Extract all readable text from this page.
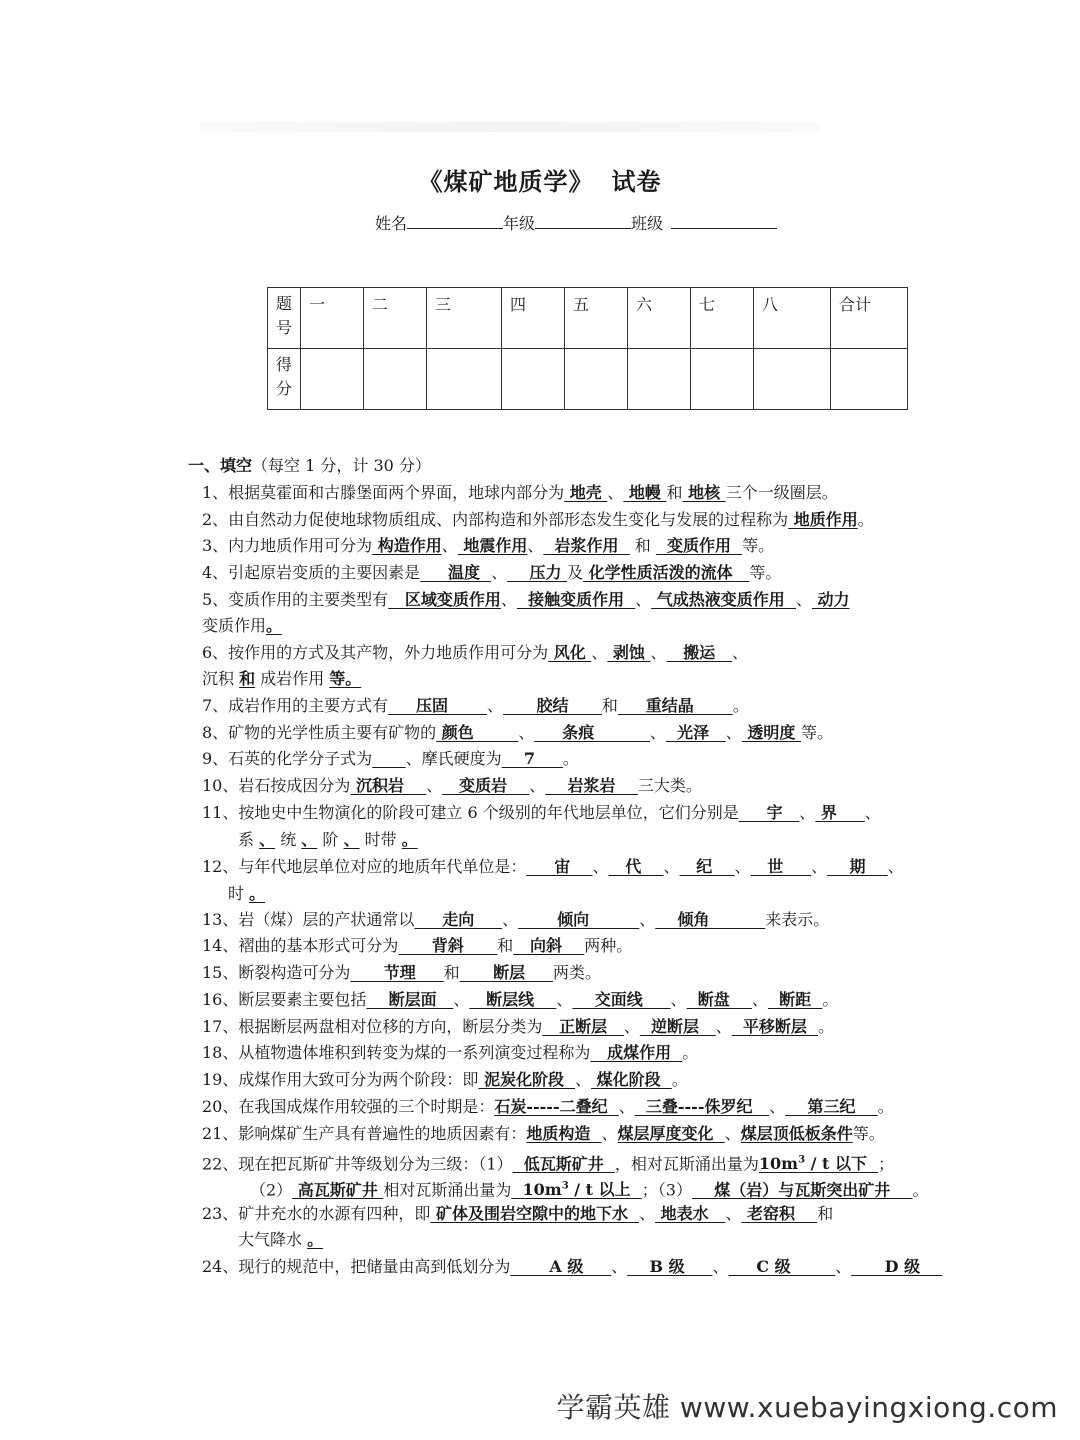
《煤矿地质学》 试卷
姓名	年级	班级
题号	一	二	三	四	五	六	七	八	合计
得分									
一、填空（每空 1 分，计 30 分）
1、根据莫霍面和古滕堡面两个界面，地球内部分为 地壳 、 地幔 和 地核 三个一级圈层。
2、由自然动力促使地球物质组成、内部构造和外部形态发生变化与发展的过程称为 地质作用。
3、内力地质作用可分为 构造作用、 地震作用、  岩浆作用   和   变质作用  等。
4、引起原岩变质的主要因素是     温度  、    压力 及 化学性质活泼的流体   等。
5、变质作用的主要类型有   区域变质作用、  接触变质作用  、 气成热液变质作用  、 动力
变质作用。
6、按作用的方式及其产物，外力地质作用可分为 风化 、 剥蚀 、   搬运   、
沉积 和 成岩作用 等。
7、成岩作用的主要方式有     压固       、      胶结      和     重结晶       。
8、矿物的光学性质主要有矿物的 颜色        、     条痕          、  光泽   、 透明度 等。
9、石英的化学分子式为 、摩氏硬度为    7     。
10、岩石按成因分为 沉积岩    、   变质岩    、    岩浆岩    三大类。
11、按地史中生物演化的阶段可建立 6 个级别的年代地层单位，它们分别是     宇   、 界     、
系 、 统 、 阶 、 时带 。
12、与年代地层单位对应的地质年代单位是：     宙    、   代    、   纪    、   世     、    期    、
时 。
13、岩（煤）层的产状通常以     走向     、       倾向         、    倾角          来表示。
14、褶曲的基本形式可分为      背斜      和   向斜    两种。
15、断裂构造可分为      节理     和      断层     两类。
16、断层要素主要包括    断层面   、   断层线    、    交面线     、  断盘    、  断距  。
17、根据断层两盘相对位移的方向，断层分类为   正断层   、  逆断层   、  平移断层  。
18、从植物遗体堆积到转变为煤的一系列演变过程称为   成煤作用  。
19、成煤作用大致可分为两个阶段：即 泥炭化阶段  、 煤化阶段  。
20、在我国成煤作用较强的三个时期是：石炭-----二叠纪  、  三叠----侏罗纪   、    第三纪    。
21、影响煤矿生产具有普遍性的地质因素有：地质构造  、煤层厚度变化  、煤层顶低板条件等。
23、矿井充水的水源有四种，即 矿体及围岩空隙中的地下水  、 地表水   、 老窑积    和
大气降水 。
24、现行的规范中，把储量由高到低划分为       A 级     、    B 级     、     C 级        、      D 级
22、现在把瓦斯矿井等级划分为三级：（1）  低瓦斯矿井  ，相对瓦斯涌出量为$10m^3$ / t 以下  ；
（2） 高瓦斯矿井 相对瓦斯涌出量为  $10m^3$ / t 以上  ；（3）    煤（岩）与瓦斯突出矿井    。
学霸英雄 www.xuebayingxiong.com
